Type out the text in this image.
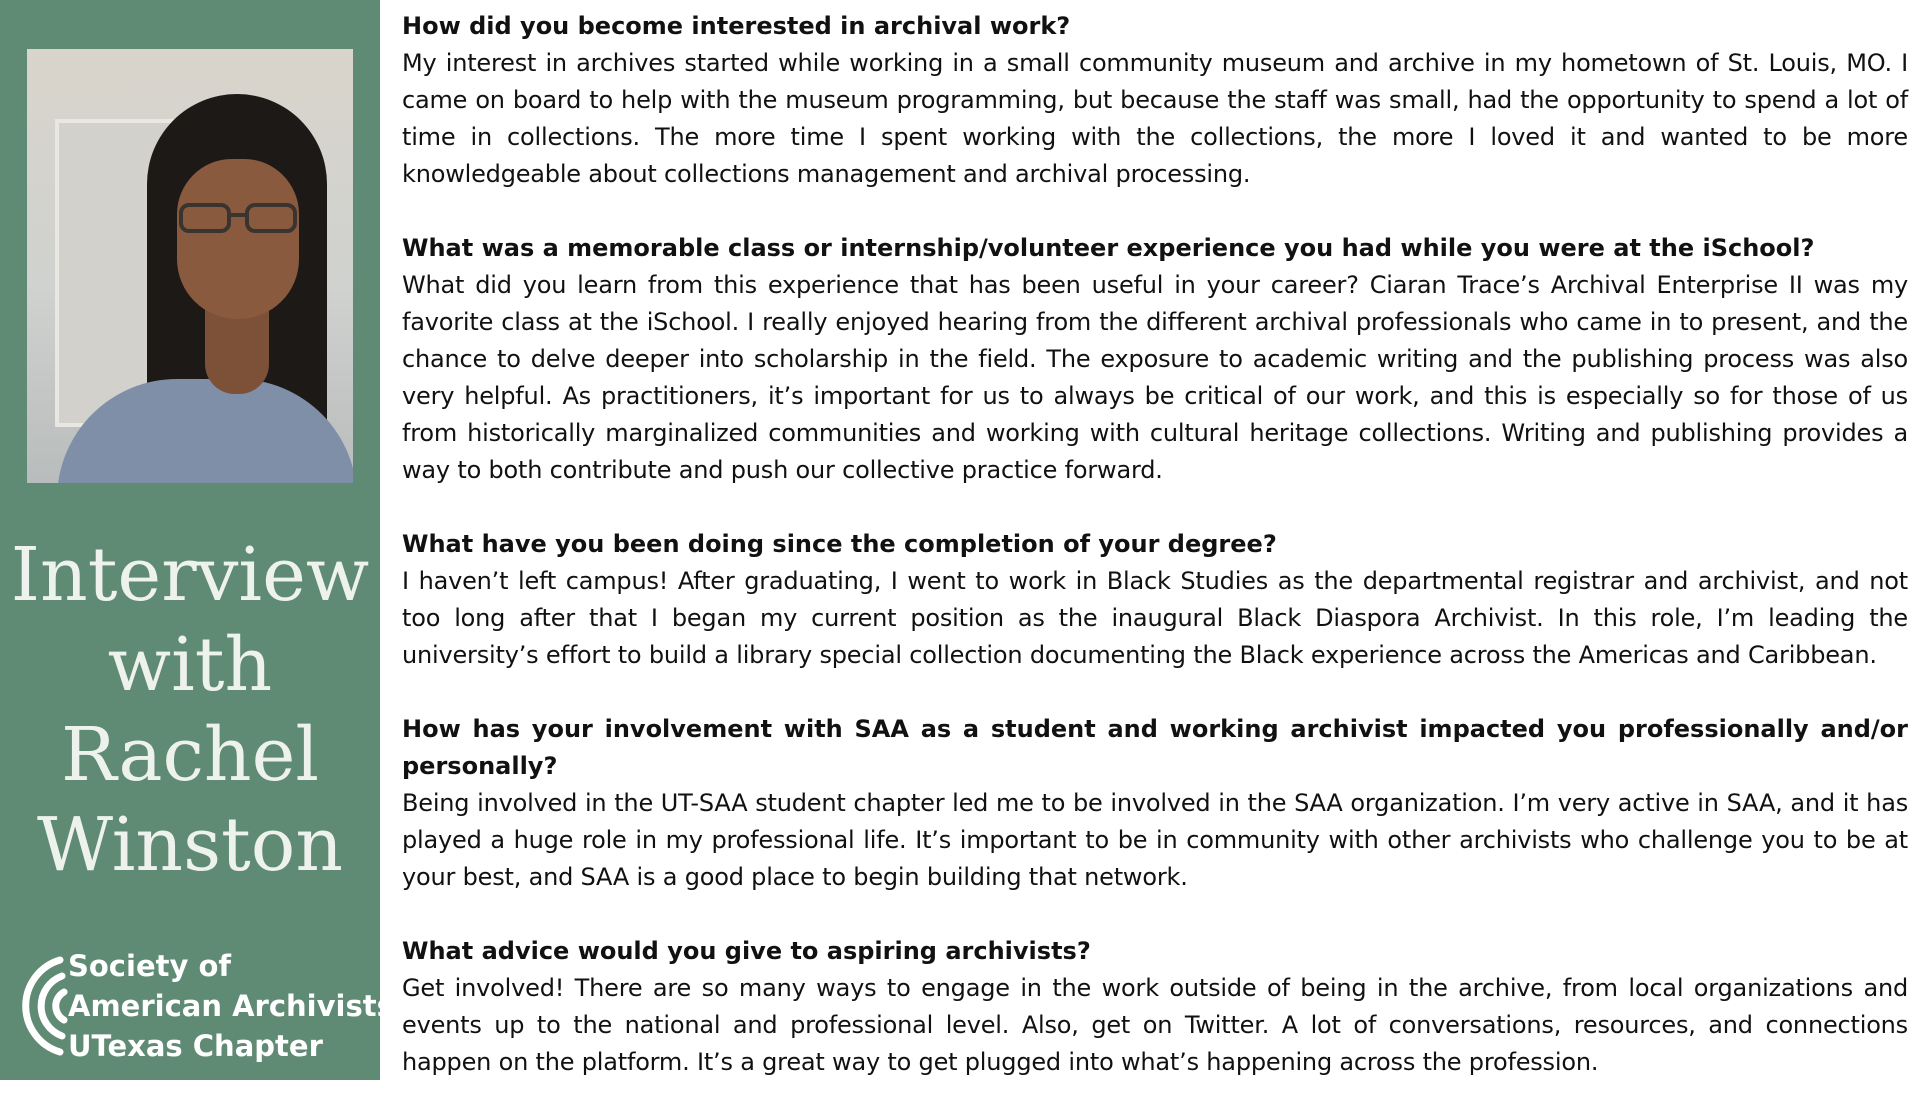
Interview
with
Rachel
Winston
Society of
American Archivists
UTexas Chapter

How did you become interested in archival work?

My interest in archives started while working in a small community museum and archive in my hometown of St. Louis, MO. I came on board to help with the museum programming, but because the staff was small, had the opportunity to spend a lot of time in collections. The more time I spent working with the collections, the more I loved it and wanted to be more knowledgeable about collections management and archival processing.

What was a memorable class or internship/volunteer experience you had while you were at the iSchool?

What did you learn from this experience that has been useful in your career? Ciaran Trace’s Archival Enterprise II was my favorite class at the iSchool. I really enjoyed hearing from the different archival professionals who came in to present, and the chance to delve deeper into scholarship in the field. The exposure to academic writing and the publishing process was also very helpful. As practitioners, it’s important for us to always be critical of our work, and this is especially so for those of us from historically marginalized communities and working with cultural heritage collections. Writing and publishing provides a way to both contribute and push our collective practice forward.

What have you been doing since the completion of your degree?

I haven’t left campus! After graduating, I went to work in Black Studies as the departmental registrar and archivist, and not too long after that I began my current position as the inaugural Black Diaspora Archivist. In this role, I’m leading the university’s effort to build a library special collection documenting the Black experience across the Americas and Caribbean.

How has your involvement with SAA as a student and working archivist impacted you professionally and/or personally?

Being involved in the UT-SAA student chapter led me to be involved in the SAA organization. I’m very active in SAA, and it has played a huge role in my professional life. It’s important to be in community with other archivists who challenge you to be at your best, and SAA is a good place to begin building that network.

What advice would you give to aspiring archivists?

Get involved! There are so many ways to engage in the work outside of being in the archive, from local organizations and events up to the national and professional level. Also, get on Twitter. A lot of conversations, resources, and connections happen on the platform. It’s a great way to get plugged into what’s happening across the profession.
